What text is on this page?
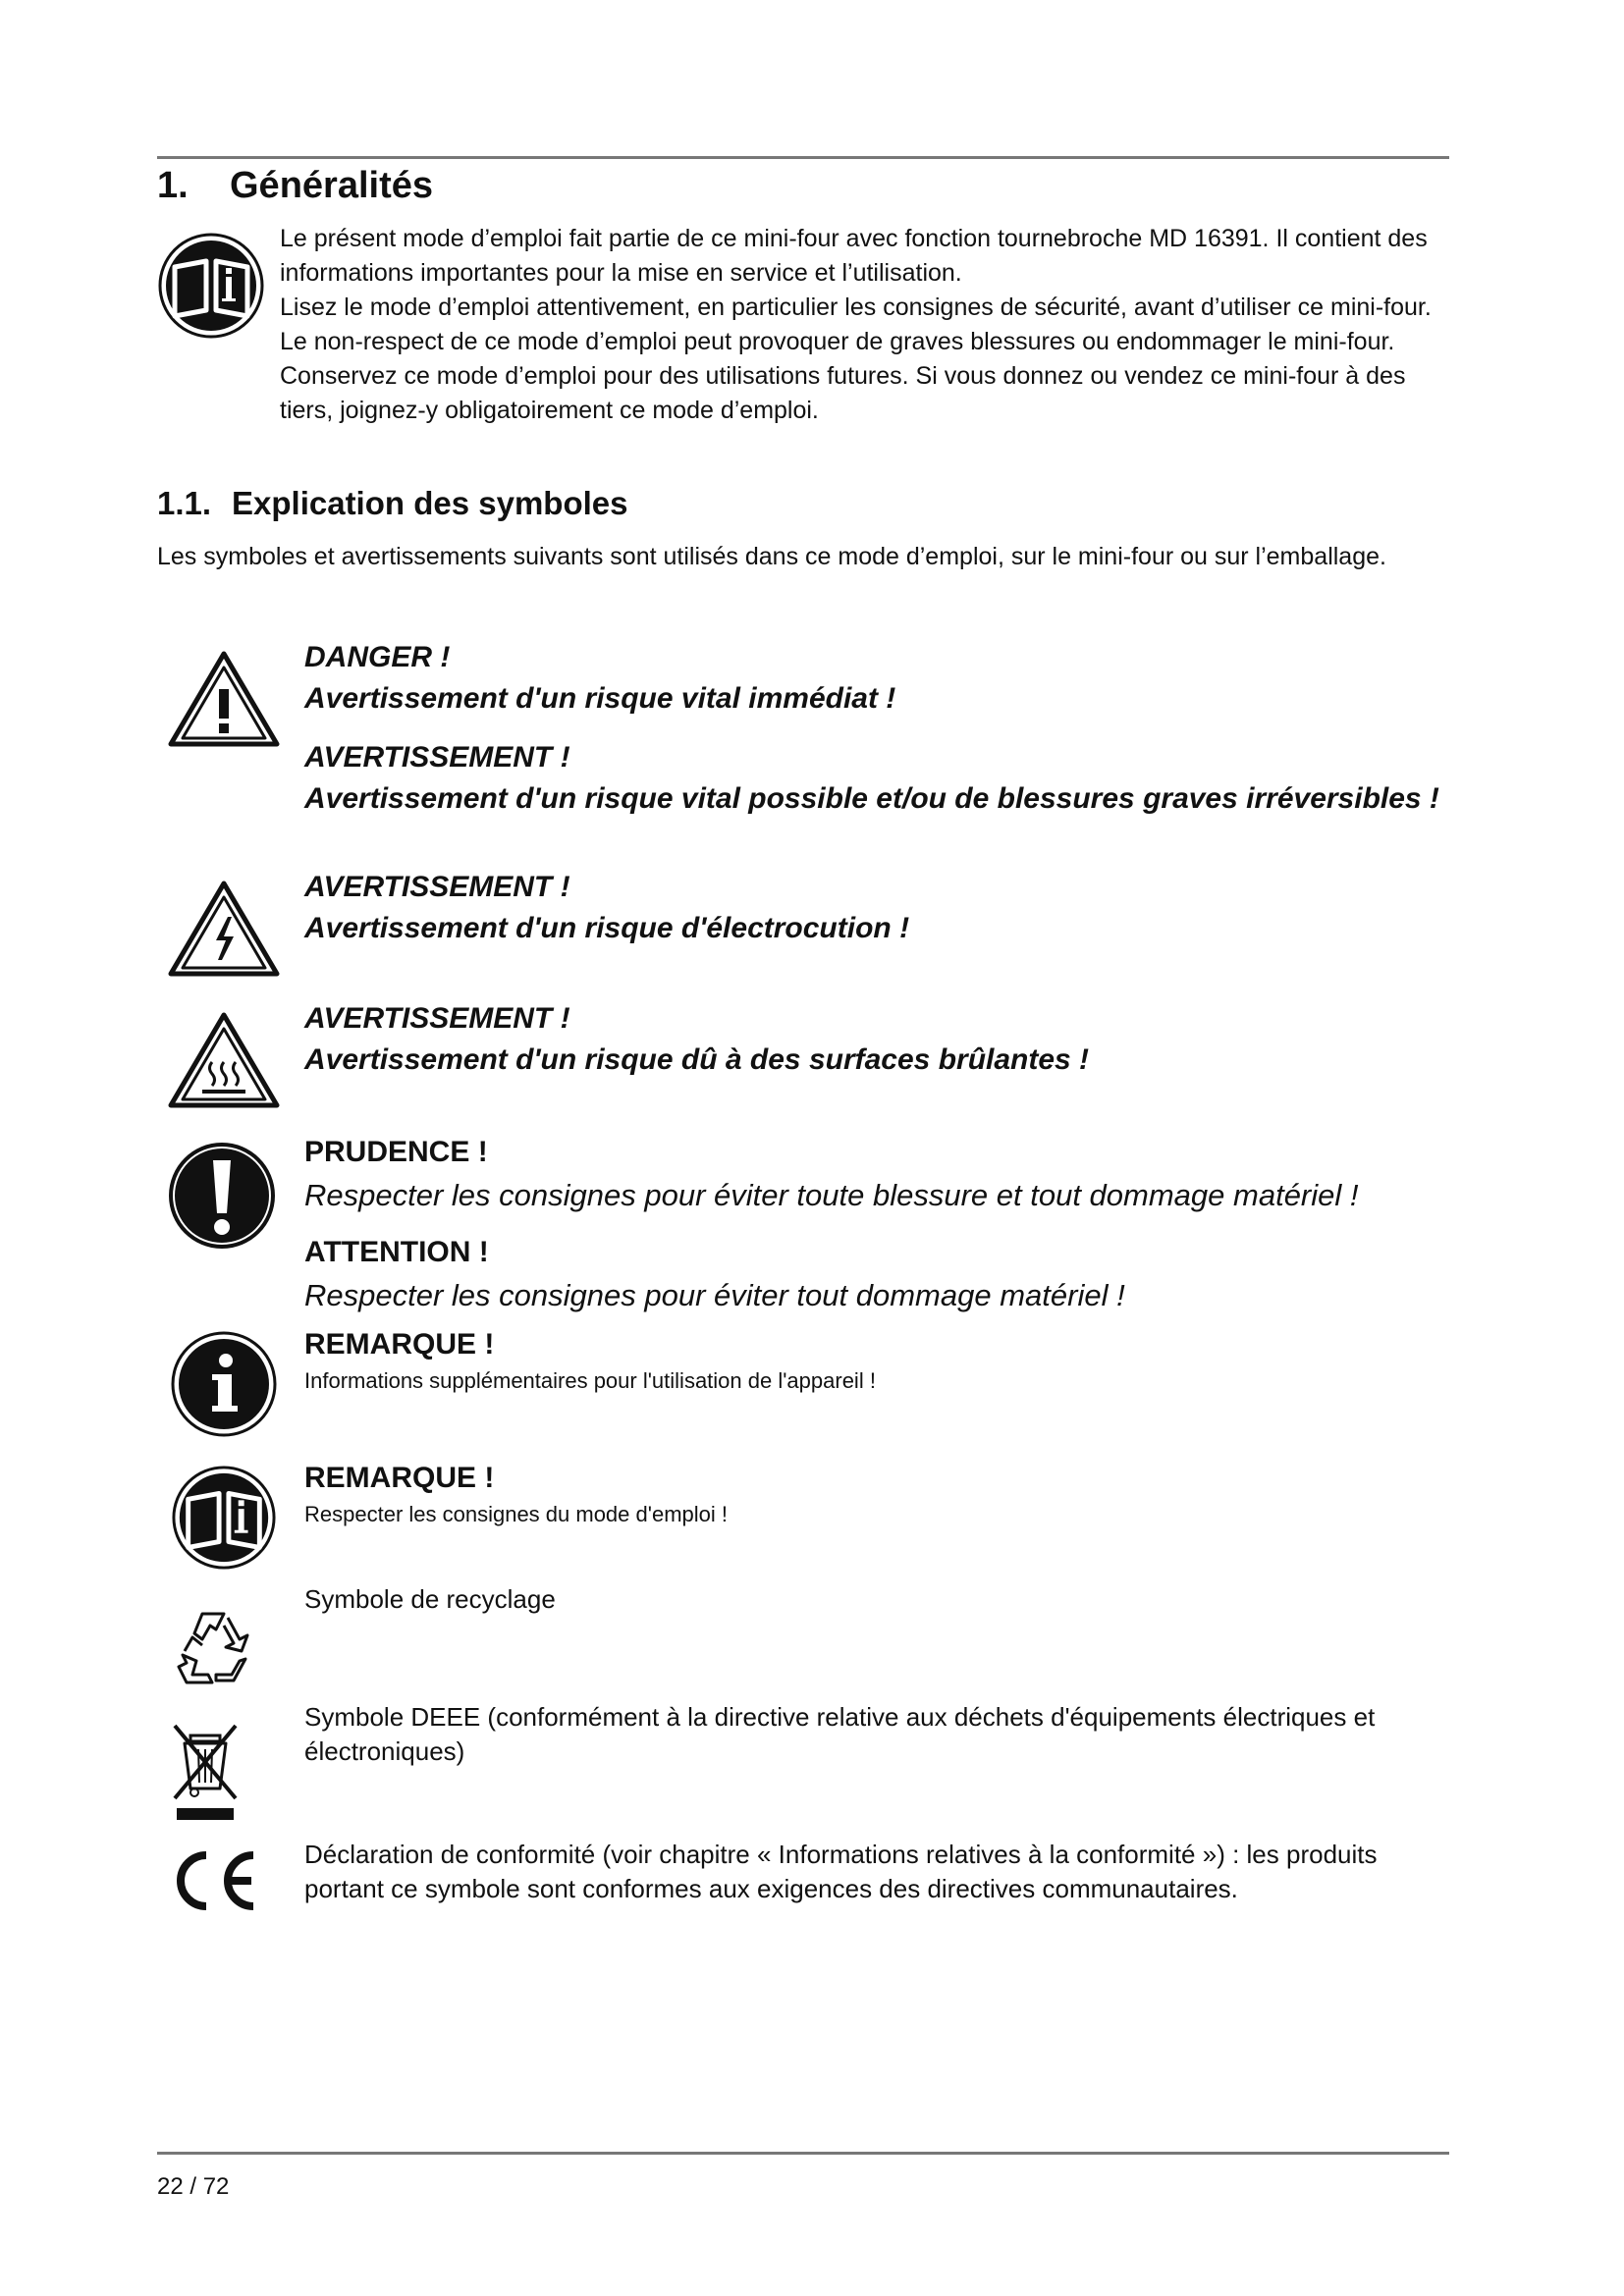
1. Généralités

Le présent mode d’emploi fait partie de ce mini-four avec fonction tournebroche MD 16391. Il contient des informations importantes pour la mise en service et l’utilisation.

Lisez le mode d’emploi attentivement, en particulier les consignes de sécurité, avant d’utiliser ce mini-four. Le non-respect de ce mode d’emploi peut provoquer de graves blessures ou endommager le mini-four.

Conservez ce mode d’emploi pour des utilisations futures. Si vous donnez ou vendez ce mini-four à des tiers, joignez-y obligatoirement ce mode d’emploi.

1.1. Explication des symboles

Les symboles et avertissements suivants sont utilisés dans ce mode d’emploi, sur le mini-four ou sur l’emballage.

DANGER !
Avertissement d'un risque vital immédiat !
AVERTISSEMENT !
Avertissement d'un risque vital possible et/ou de blessures graves irréversibles !
AVERTISSEMENT !
Avertissement d'un risque d'électrocution !
AVERTISSEMENT !
Avertissement d'un risque dû à des surfaces brûlantes !
PRUDENCE !
Respecter les consignes pour éviter toute blessure et tout dommage matériel !
ATTENTION !
Respecter les consignes pour éviter tout dommage matériel !
REMARQUE !
Informations supplémentaires pour l'utilisation de l'appareil !
REMARQUE !
Respecter les consignes du mode d'emploi !

Symbole de recyclage

Symbole DEEE (conformément à la directive relative aux déchets d'équipements électriques et électroniques)

Déclaration de conformité (voir chapitre « Informations relatives à la conformité ») : les produits portant ce symbole sont conformes aux exigences des directives communautaires.

22 / 72
